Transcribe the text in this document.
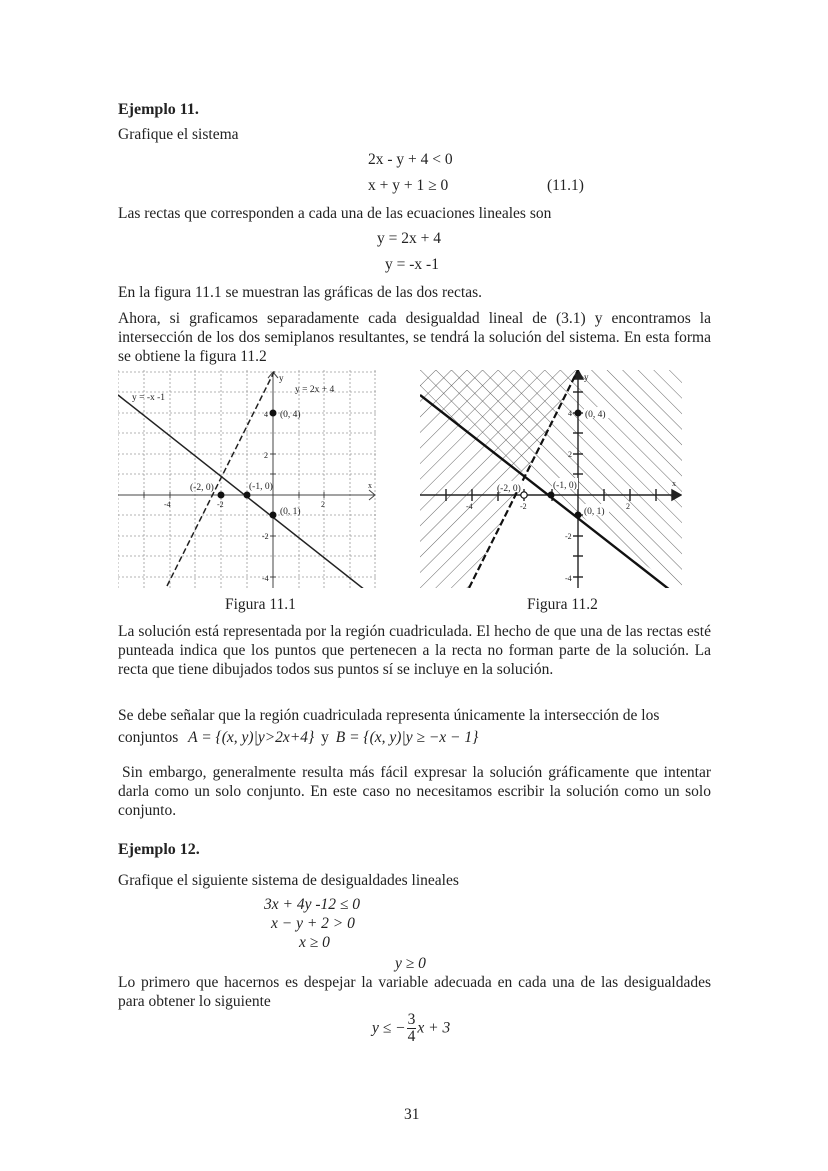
Ejemplo 11.
Grafique el sistema
2x - y + 4 < 0
x + y + 1 ≥ 0	(11.1)
Las rectas que corresponden a cada una de las ecuaciones lineales son
y = 2x + 4
y = -x -1
En la figura 11.1 se muestran las gráficas de las dos rectas.
Ahora, si graficamos separadamente cada desigualdad lineal de (3.1) y encontramos la intersección de los dos semiplanos resultantes, se tendrá la solución del sistema. En esta forma se obtiene la figura 11.2
y = -x -1
y = 2x + 4
(0, 4)
(-2, 0)	(-1, 0)
(0, 1)
x
y
-4	-2	2
4
2
-2
-4
Figura 11.1
(0, 4)
(-2, 0)	(-1, 0)
(0, 1)
x
y
-4	-2	2
4
2
-2
-4
Figura 11.2
La solución está representada por la región cuadriculada. El hecho de que una de las rectas esté punteada indica que los puntos que pertenecen a la recta no forman parte de la solución. La recta que tiene dibujados todos sus puntos sí se incluye en la solución.
Se debe señalar que la región cuadriculada representa únicamente la intersección de los
conjuntos A = {(x, y)|y>2x+4} y B = {(x, y)|y ≥ −x − 1}
Sin embargo, generalmente resulta más fácil expresar la solución gráficamente que intentar darla como un solo conjunto. En este caso no necesitamos escribir la solución como un solo conjunto.
Ejemplo 12.
Grafique el siguiente sistema de desigualdades lineales
3x + 4y -12 ≤ 0
x − y + 2 > 0
x ≥ 0
y ≥ 0
Lo primero que hacernos es despejar la variable adecuada en cada una de las desigualdades para obtener lo siguiente
y ≤ − $\frac{3}{4}$ x + 3
31
